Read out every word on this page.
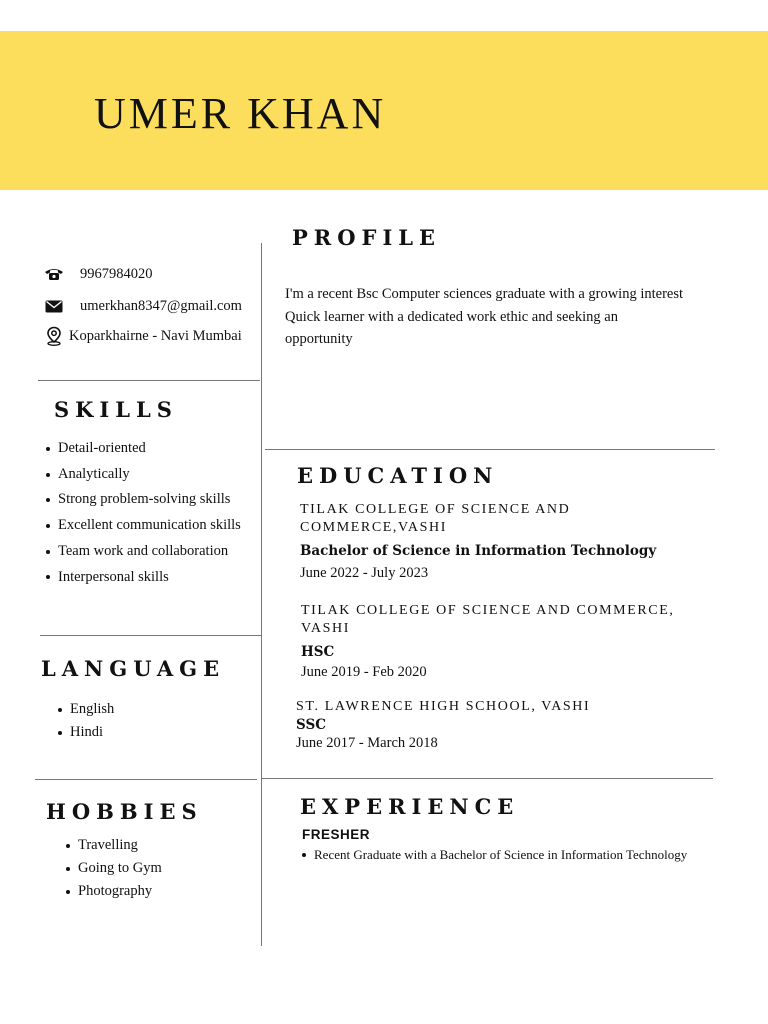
UMER KHAN
9967984020
umerkhan8347@gmail.com
Koparkhairne - Navi Mumbai
SKILLS
Detail-oriented
Analytically
Strong problem-solving skills
Excellent communication skills
Team work and collaboration
Interpersonal skills
LANGUAGE
English
Hindi
HOBBIES
Travelling
Going to Gym
Photography
PROFILE
I'm a recent Bsc Computer sciences graduate with a growing interest
Quick learner with a dedicated work ethic and seeking an
opportunity
EDUCATION
TILAK COLLEGE OF SCIENCE AND
COMMERCE,VASHI
Bachelor of Science in Information Technology
June 2022 - July 2023
TILAK COLLEGE OF SCIENCE AND COMMERCE,
VASHI
HSC
June 2019 - Feb 2020
ST. LAWRENCE HIGH SCHOOL, VASHI
SSC
June 2017 - March 2018
EXPERIENCE
FRESHER
Recent Graduate with a Bachelor of Science in Information Technology
